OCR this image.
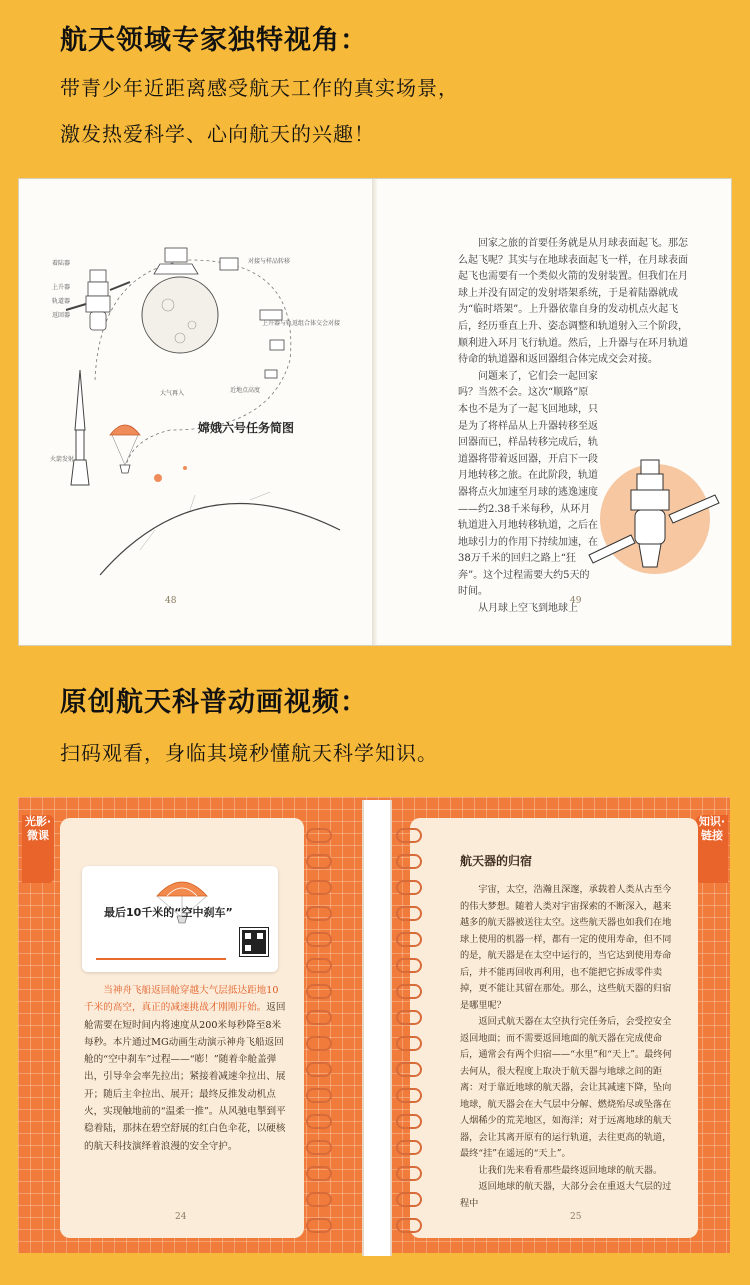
航天领域专家独特视角：
带青少年近距离感受航天工作的真实场景，
激发热爱科学、心向航天的兴趣！
着陆器
上升器
轨道器
返回器
对接与样品转移
上升器与轨返组合体交会对接
近地点高度
大气再入
火箭发射
嫦娥六号任务简图
48

回家之旅的首要任务就是从月球表面起飞。那怎么起飞呢？其实与在地球表面起飞一样，在月球表面起飞也需要有一个类似火箭的发射装置。但我们在月球上并没有固定的发射塔架系统，于是着陆器就成为“临时塔架”。上升器依靠自身的发动机点火起飞后，经历垂直上升、姿态调整和轨道射入三个阶段，顺利进入环月飞行轨道。然后，上升器与在环月轨道待命的轨道器和返回器组合体完成交会对接。

问题来了，它们会一起回家吗？当然不会。这次“顺路”原本也不是为了一起飞回地球，只是为了将样品从上升器转移至返回器而已，样品转移完成后，轨道器将带着返回器，开启下一段月地转移之旅。在此阶段，轨道器将点火加速至月球的逃逸速度——约2.38千米每秒，从环月轨道进入月地转移轨道，之后在地球引力的作用下持续加速，在38万千米的回归之路上“狂奔”。这个过程需要大约5天的时间。

从月球上空飞到地球上

49
原创航天科普动画视频：
扫码观看，身临其境秒懂航天科学知识。
光影·微课
知识·链接
最后10千米的“空中刹车”

当神舟飞船返回舱穿越大气层抵达距地10千米的高空，真正的减速挑战才刚刚开始。返回舱需要在短时间内将速度从200米每秒降至8米每秒。本片通过MG动画生动演示神舟飞船返回舱的“空中刹车”过程——“嘭！”随着伞舱盖弹出，引导伞会率先拉出；紧接着减速伞拉出、展开；随后主伞拉出、展开；最终反推发动机点火，实现触地前的“温柔一推”。从风驰电掣到平稳着陆，那抹在碧空舒展的红白色伞花，以硬核的航天科技演绎着浪漫的安全守护。

24
航天器的归宿

宇宙，太空，浩瀚且深邃，承载着人类从古至今的伟大梦想。随着人类对宇宙探索的不断深入，越来越多的航天器被送往太空。这些航天器也如我们在地球上使用的机器一样，都有一定的使用寿命，但不同的是，航天器是在太空中运行的，当它达到使用寿命后，并不能再回收再利用，也不能把它拆成零件卖掉，更不能让其留在那处。那么，这些航天器的归宿是哪里呢？

返回式航天器在太空执行完任务后，会受控安全返回地面；而不需要返回地面的航天器在完成使命后，通常会有两个归宿——“水里”和“天上”。最终何去何从，很大程度上取决于航天器与地球之间的距离：对于靠近地球的航天器，会让其减速下降，坠向地球，航天器会在大气层中分解、燃烧殆尽或坠落在人烟稀少的荒芜地区，如海洋；对于远离地球的航天器，会让其离开原有的运行轨道，去往更高的轨道，最终“挂”在遥远的“天上”。

让我们先来看看那些最终返回地球的航天器。

返回地球的航天器，大部分会在重返大气层的过程中

25
